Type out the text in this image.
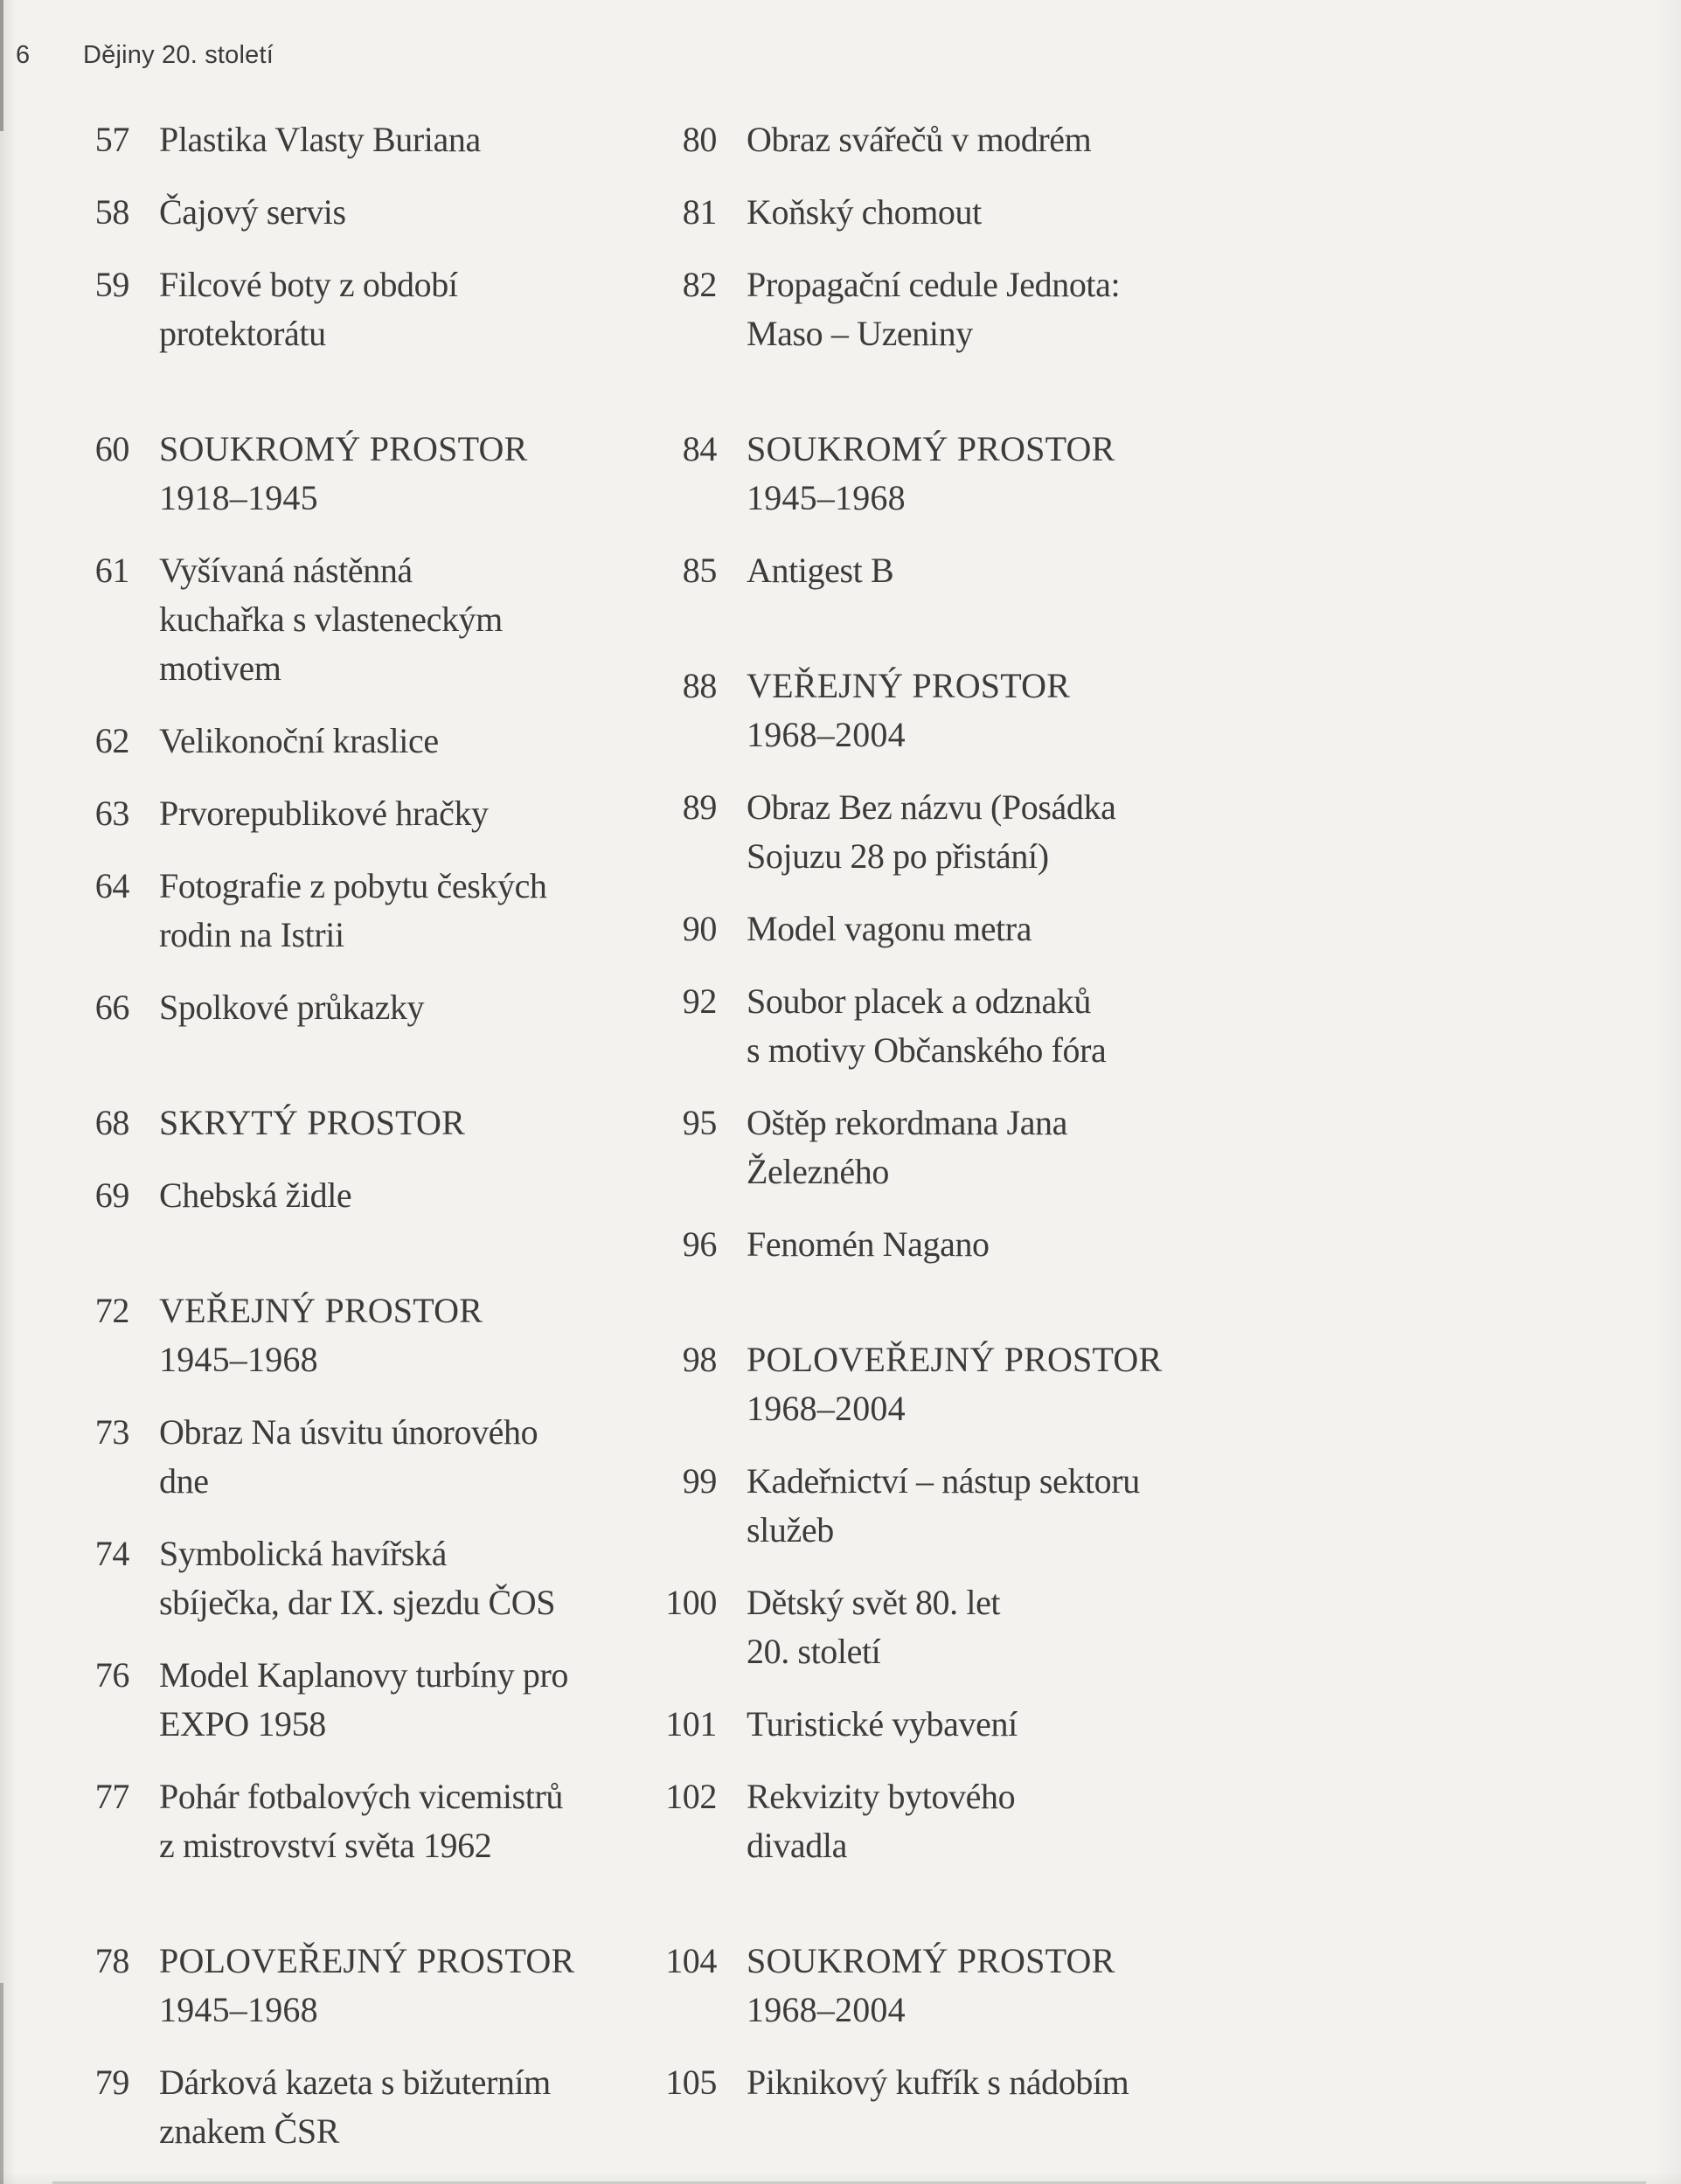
6 Dějiny 20. století
57 Plastika Vlasty Buriana
58 Čajový servis
59 Filcové boty z období
protektorátu
60 SOUKROMÝ PROSTOR
1918–1945
61 Vyšívaná nástěnná
kuchařka s vlasteneckým
motivem
62 Velikonoční kraslice
63 Prvorepublikové hračky
64 Fotografie z pobytu českých
rodin na Istrii
66 Spolkové průkazky
68 SKRYTÝ PROSTOR
69 Chebská židle
72 VEŘEJNÝ PROSTOR
1945–1968
73 Obraz Na úsvitu únorového
dne
74 Symbolická havířská
sbíječka, dar IX. sjezdu ČOS
76 Model Kaplanovy turbíny pro
EXPO 1958
77 Pohár fotbalových vicemistrů
z mistrovství světa 1962
78 POLOVEŘEJNÝ PROSTOR
1945–1968
79 Dárková kazeta s bižuterním
znakem ČSR
80 Obraz svářečů v modrém
81 Koňský chomout
82 Propagační cedule Jednota:
Maso – Uzeniny
84 SOUKROMÝ PROSTOR
1945–1968
85 Antigest B
88 VEŘEJNÝ PROSTOR
1968–2004
89 Obraz Bez názvu (Posádka
Sojuzu 28 po přistání)
90 Model vagonu metra
92 Soubor placek a odznaků
s motivy Občanského fóra
95 Oštěp rekordmana Jana
Železného
96 Fenomén Nagano
98 POLOVEŘEJNÝ PROSTOR
1968–2004
99 Kadeřnictví – nástup sektoru
služeb
100 Dětský svět 80. let
20. století
101 Turistické vybavení
102 Rekvizity bytového
divadla
104 SOUKROMÝ PROSTOR
1968–2004
105 Piknikový kufřík s nádobím
